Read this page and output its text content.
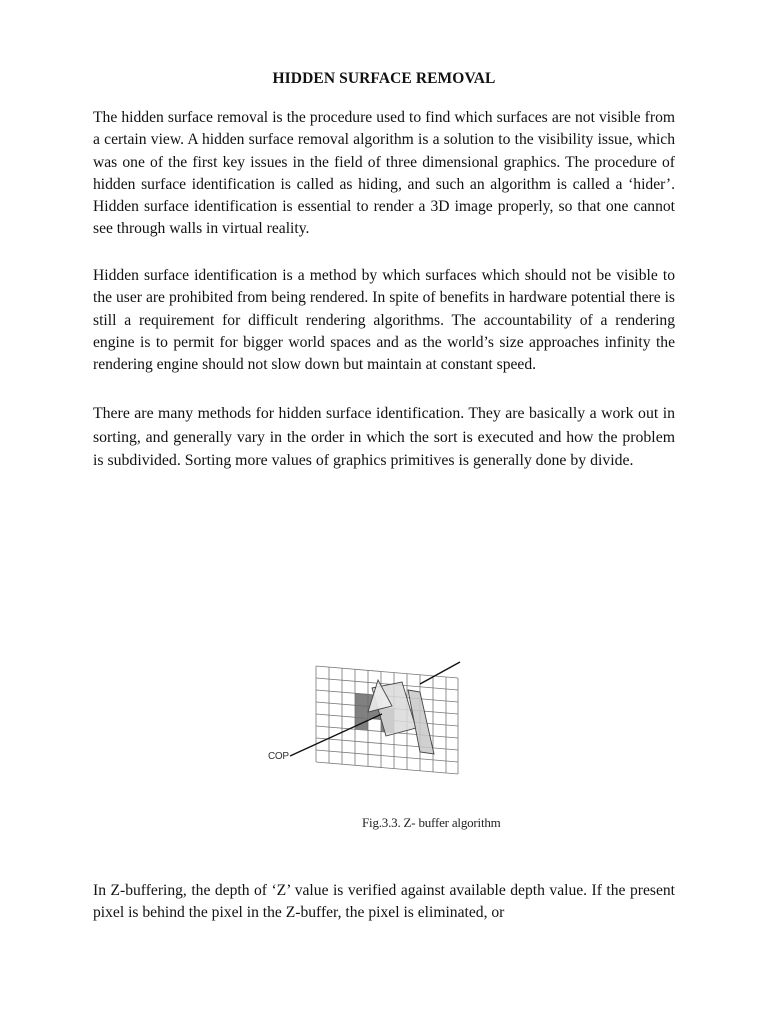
HIDDEN SURFACE REMOVAL

The hidden surface removal is the procedure used to find which surfaces are not visible from a certain view. A hidden surface removal algorithm is a solution to the visibility issue, which was one of the first key issues in the field of three dimensional graphics. The procedure of hidden surface identification is called as hiding, and such an algorithm is called a ‘hider’. Hidden surface identification is essential to render a 3D image properly, so that one cannot see through walls in virtual reality.

Hidden surface identification is a method by which surfaces which should not be visible to the user are prohibited from being rendered. In spite of benefits in hardware potential there is still a requirement for difficult rendering algorithms. The accountability of a rendering engine is to permit for bigger world spaces and as the world’s size approaches infinity the rendering engine should not slow down but maintain at constant speed.

There are many methods for hidden surface identification. They are basically a work out in sorting, and generally vary in the order in which the sort is executed and how the problem is subdivided. Sorting more values of graphics primitives is generally done by divide.

COP
Fig.3.3. Z- buffer algorithm

In Z-buffering, the depth of ‘Z’ value is verified against available depth value. If the present pixel is behind the pixel in the Z-buffer, the pixel is eliminated, or
